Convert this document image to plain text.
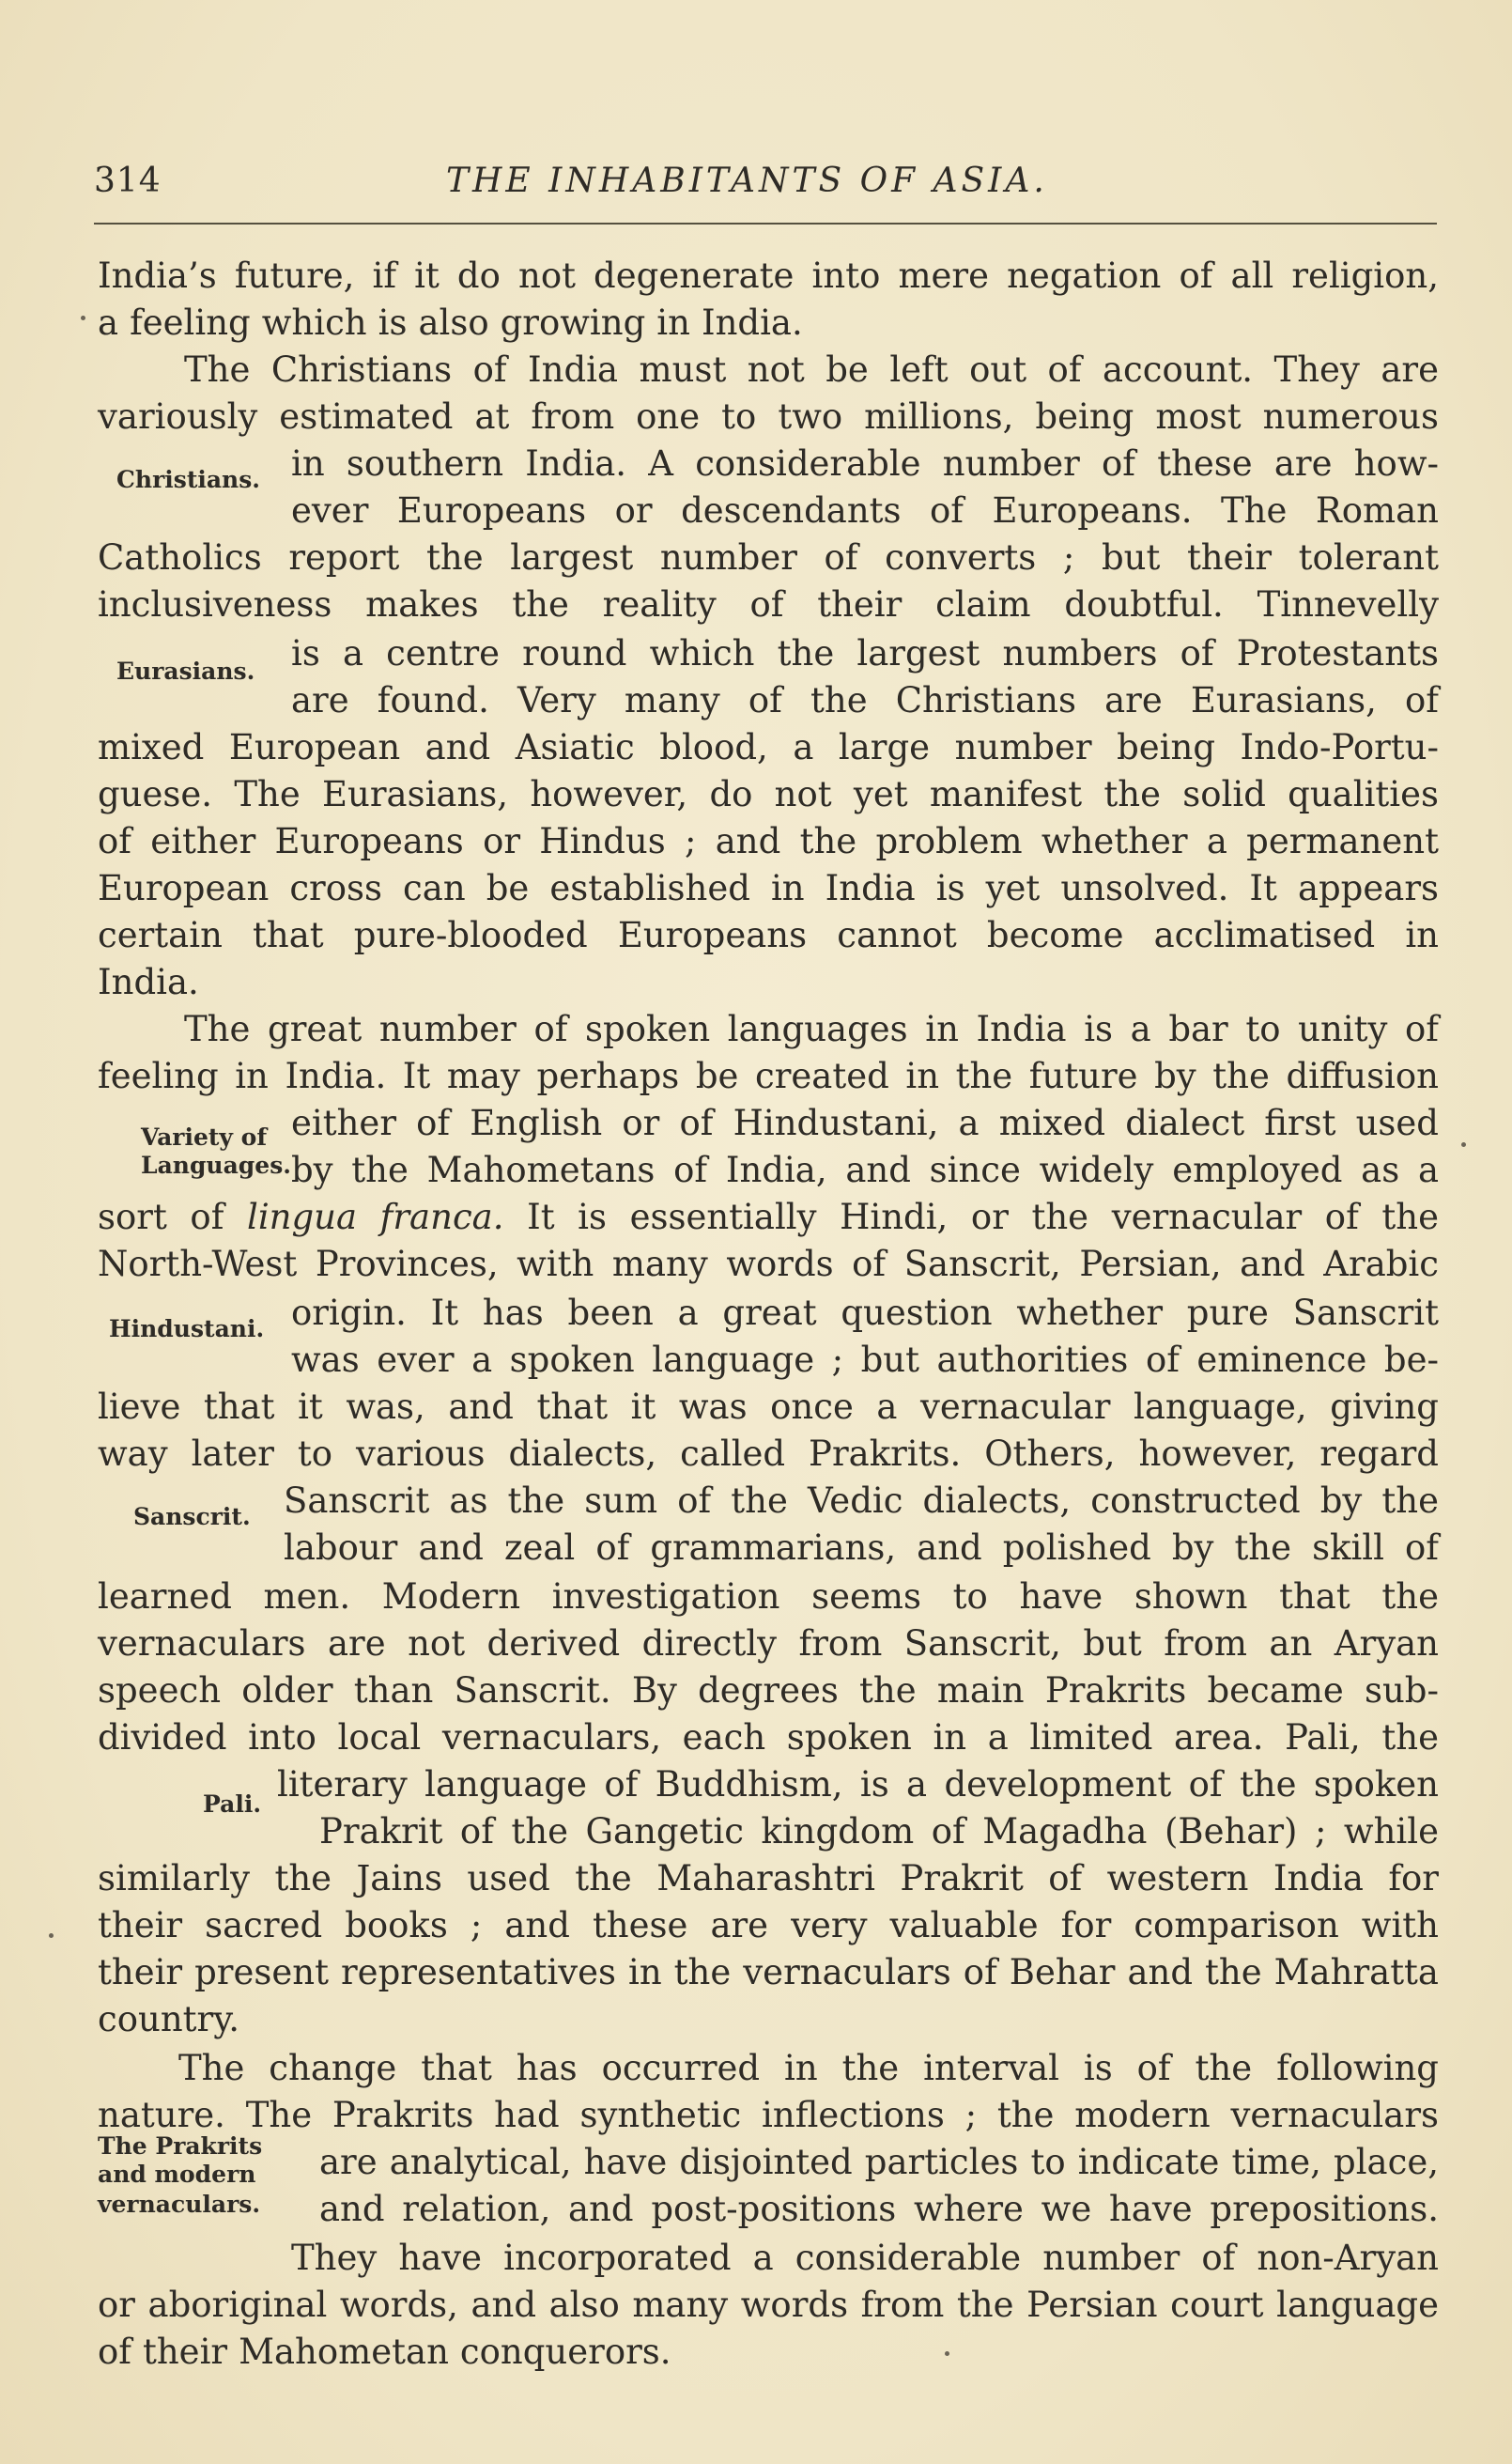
314	THE INHABITANTS OF ASIA.
India’s future, if it do not degenerate into mere negation of all religion,
a feeling which is also growing in India.
The Christians of India must not be left out of account. They are
variously estimated at from one to two millions, being most numerous
in southern India. A considerable number of these are how-
ever Europeans or descendants of Europeans. The Roman
Catholics report the largest number of converts ; but their tolerant
inclusiveness makes the reality of their claim doubtful. Tinnevelly
is a centre round which the largest numbers of Protestants
are found. Very many of the Christians are Eurasians, of
mixed European and Asiatic blood, a large number being Indo-Portu-
guese. The Eurasians, however, do not yet manifest the solid qualities
of either Europeans or Hindus ; and the problem whether a permanent
European cross can be established in India is yet unsolved. It appears
certain that pure-blooded Europeans cannot become acclimatised in
India.
The great number of spoken languages in India is a bar to unity of
feeling in India. It may perhaps be created in the future by the diffusion
either of English or of Hindustani, a mixed dialect first used
by the Mahometans of India, and since widely employed as a
sort of lingua franca. It is essentially Hindi, or the vernacular of the
North-West Provinces, with many words of Sanscrit, Persian, and Arabic
origin. It has been a great question whether pure Sanscrit
was ever a spoken language ; but authorities of eminence be-
lieve that it was, and that it was once a vernacular language, giving
way later to various dialects, called Prakrits. Others, however, regard
Sanscrit as the sum of the Vedic dialects, constructed by the
labour and zeal of grammarians, and polished by the skill of
learned men. Modern investigation seems to have shown that the
vernaculars are not derived directly from Sanscrit, but from an Aryan
speech older than Sanscrit. By degrees the main Prakrits became sub-
divided into local vernaculars, each spoken in a limited area. Pali, the
literary language of Buddhism, is a development of the spoken
Prakrit of the Gangetic kingdom of Magadha (Behar) ; while
similarly the Jains used the Maharashtri Prakrit of western India for
their sacred books ; and these are very valuable for comparison with
their present representatives in the vernaculars of Behar and the Mahratta
country.
The change that has occurred in the interval is of the following
nature. The Prakrits had synthetic inflections ; the modern vernaculars
are analytical, have disjointed particles to indicate time, place,
and relation, and post-positions where we have prepositions.
They have incorporated a considerable number of non-Aryan
or aboriginal words, and also many words from the Persian court language
of their Mahometan conquerors.
Christians.
Eurasians.
Variety of
Languages.
Hindustani.
Sanscrit.
Pali.
The Prakrits
and modern
vernaculars.
